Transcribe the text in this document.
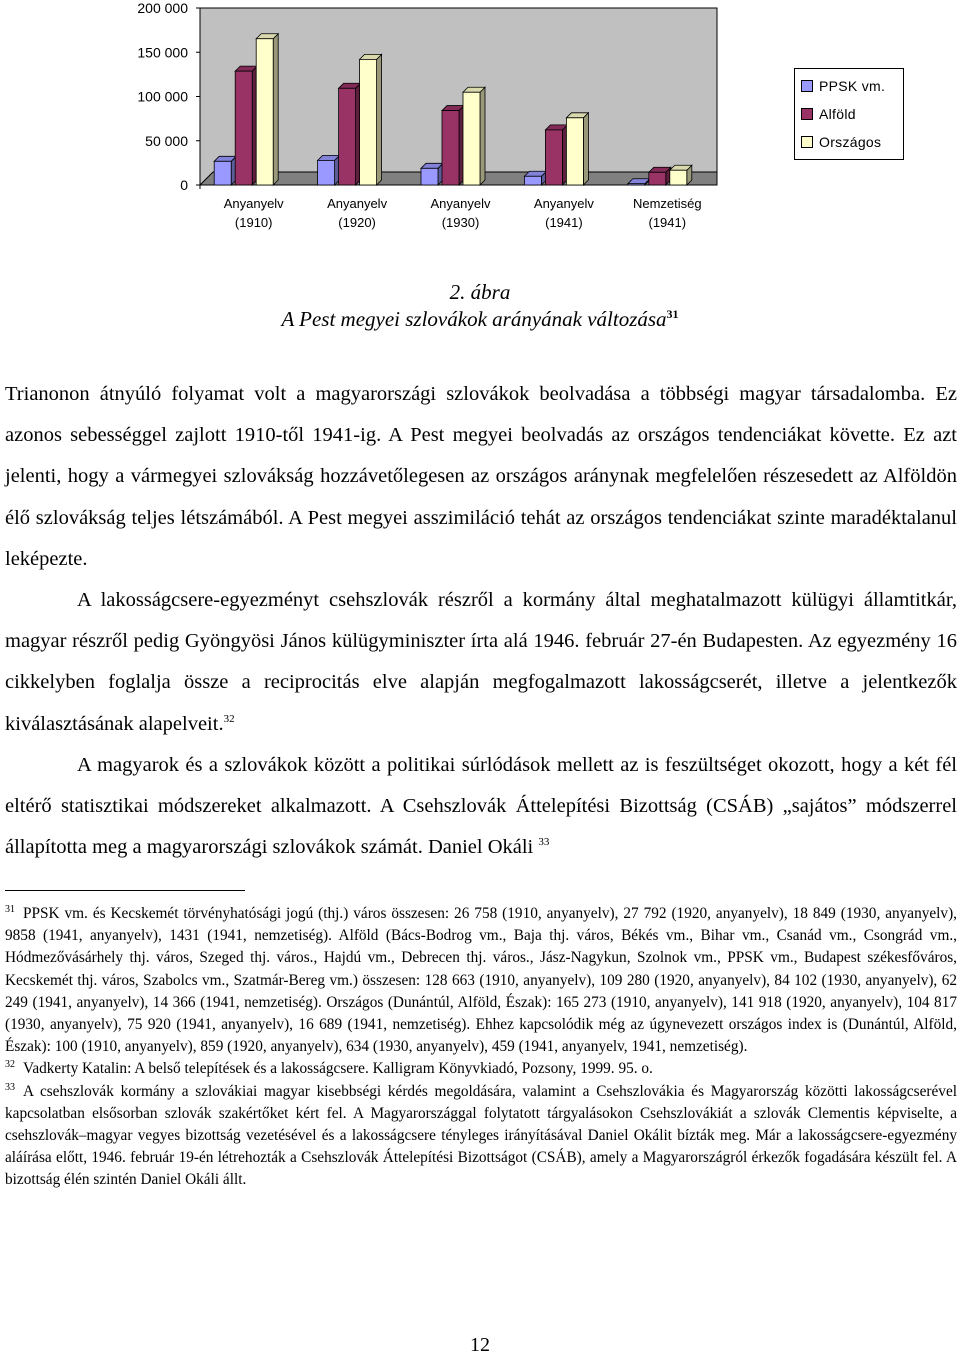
200 000
150 000
100 000
50 000
0
Anyanyelv
(1910)
Anyanyelv
(1920)
Anyanyelv
(1930)
Anyanyelv
(1941)
Nemzetiség
(1941)
PPSK vm.
Alföld
Országos
2. ábra
A Pest megyei szlovákok arányának változása$^{31}$

Trianonon átnyúló folyamat volt a magyarországi szlovákok beolvadása a többségi magyar társadalomba. Ez azonos sebességgel zajlott 1910-től 1941-ig. A Pest megyei beolvadás az országos tendenciákat követte. Ez azt jelenti, hogy a vármegyei szlovákság hozzávetőlegesen az országos aránynak megfelelően részesedett az Alföldön élő szlovákság teljes létszámából. A Pest megyei asszimiláció tehát az országos tendenciákat szinte maradéktalanul leképezte.

A lakosságcsere-egyezményt csehszlovák részről a kormány által meghatalmazott külügyi államtitkár, magyar részről pedig Gyöngyösi János külügyminiszter írta alá 1946. február 27-én Budapesten. Az egyezmény 16 cikkelyben foglalja össze a reciprocitás elve alapján megfogalmazott lakosságcserét, illetve a jelentkezők kiválasztásának alapelveit.$^{32}$

A magyarok és a szlovákok között a politikai súrlódások mellett az is feszültséget okozott, hogy a két fél eltérő statisztikai módszereket alkalmazott. A Csehszlovák Áttelepítési Bizottság (CSÁB) „sajátos” módszerrel állapította meg a magyarországi szlovákok számát. Daniel Okáli $^{33}$

$^{31}$ PPSK vm. és Kecskemét törvényhatósági jogú (thj.) város összesen: 26 758 (1910, anyanyelv), 27 792 (1920, anyanyelv), 18 849 (1930, anyanyelv), 9858 (1941, anyanyelv), 1431 (1941, nemzetiség). Alföld (Bács-Bodrog vm., Baja thj. város, Békés vm., Bihar vm., Csanád vm., Csongrád vm., Hódmezővásárhely thj. város, Szeged thj. város., Hajdú vm., Debrecen thj. város., Jász-Nagykun, Szolnok vm., PPSK vm., Budapest székesfőváros, Kecskemét thj. város, Szabolcs vm., Szatmár-Bereg vm.) összesen: 128 663 (1910, anyanyelv), 109 280 (1920, anyanyelv), 84 102 (1930, anyanyelv), 62 249 (1941, anyanyelv), 14 366 (1941, nemzetiség). Országos (Dunántúl, Alföld, Észak): 165 273 (1910, anyanyelv), 141 918 (1920, anyanyelv), 104 817 (1930, anyanyelv), 75 920 (1941, anyanyelv), 16 689 (1941, nemzetiség). Ehhez kapcsolódik még az úgynevezett országos index is (Dunántúl, Alföld, Észak): 100 (1910, anyanyelv), 859 (1920, anyanyelv), 634 (1930, anyanyelv), 459 (1941, anyanyelv, 1941, nemzetiség).

$^{32}$ Vadkerty Katalin: A belső telepítések és a lakosságcsere. Kalligram Könyvkiadó, Pozsony, 1999. 95. o.

$^{33}$ A csehszlovák kormány a szlovákiai magyar kisebbségi kérdés megoldására, valamint a Csehszlovákia és Magyarország közötti lakosságcserével kapcsolatban elsősorban szlovák szakértőket kért fel. A Magyarországgal folytatott tárgyalásokon Csehszlovákiát a szlovák Clementis képviselte, a csehszlovák–magyar vegyes bizottság vezetésével és a lakosságcsere tényleges irányításával Daniel Okálit bízták meg. Már a lakosságcsere-egyezmény aláírása előtt, 1946. február 19-én létrehozták a Csehszlovák Áttelepítési Bizottságot (CSÁB), amely a Magyarországról érkezők fogadására készült fel. A bizottság élén szintén Daniel Okáli állt.

12
